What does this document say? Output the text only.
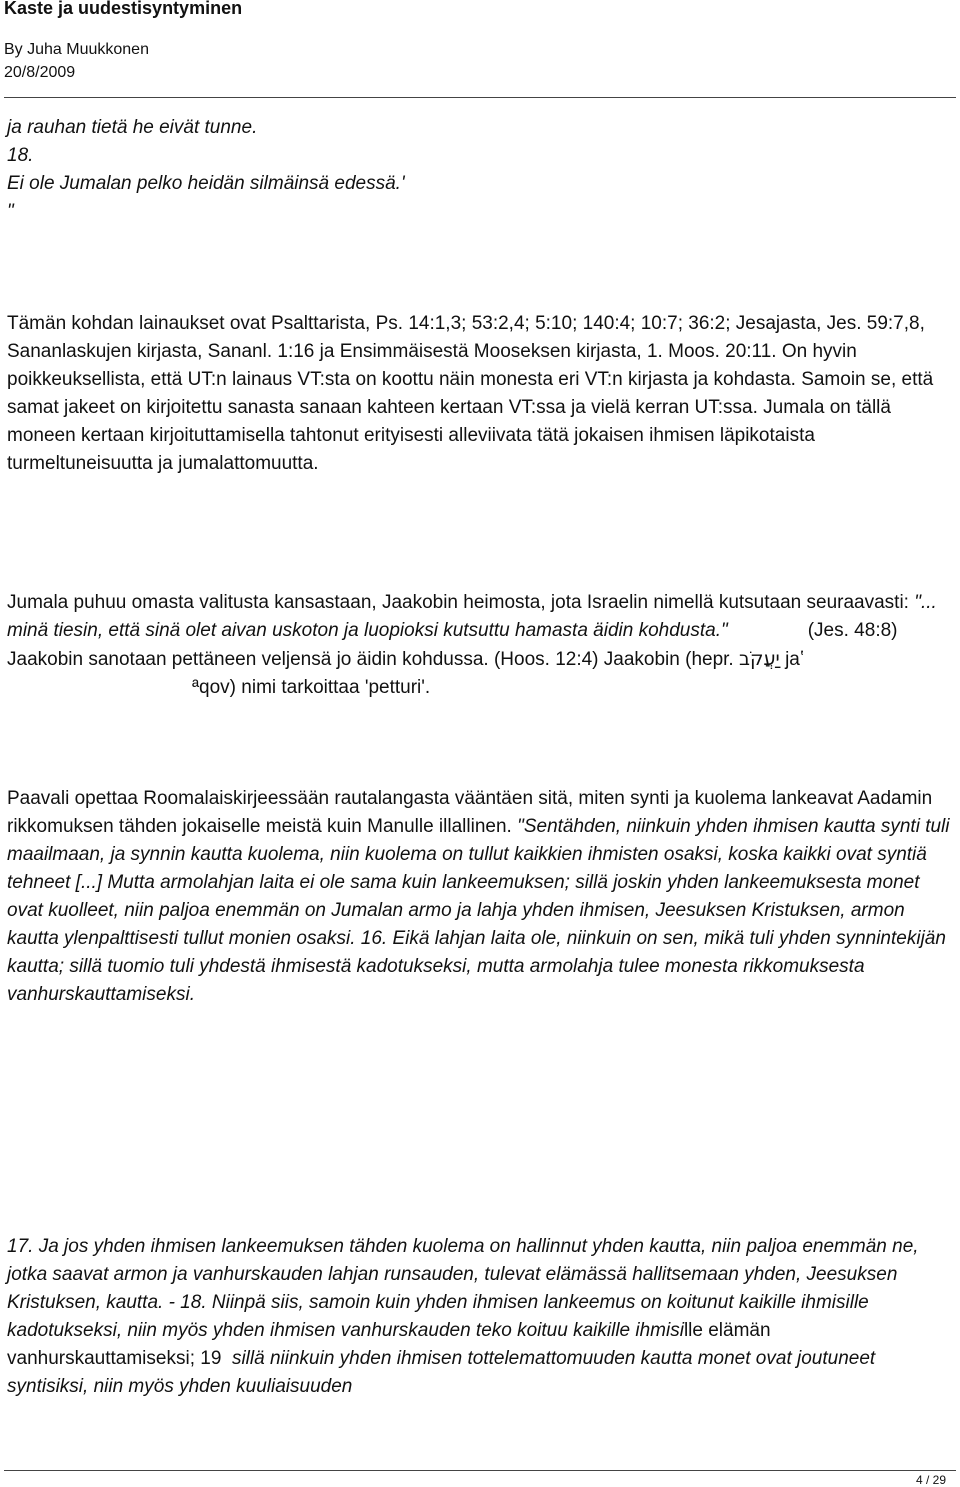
Kaste ja uudestisyntyminen
By Juha Muukkonen
20/8/2009

ja rauhan tietä he eivät tunne.

18.

Ei ole Jumalan pelko heidän silmäinsä edessä.'

"

Tämän kohdan lainaukset ovat Psalttarista, Ps. 14:1,3; 53:2,4; 5:10; 140:4; 10:7; 36:2; Jesajasta, Jes. 59:7,8, Sananlaskujen kirjasta, Sananl. 1:16 ja Ensimmäisestä Mooseksen kirjasta, 1. Moos. 20:11. On hyvin poikkeuksellista, että UT:n lainaus VT:sta on koottu näin monesta eri VT:n kirjasta ja kohdasta. Samoin se, että samat jakeet on kirjoitettu sanasta sanaan kahteen kertaan VT:ssa ja vielä kerran UT:ssa. Jumala on tällä moneen kertaan kirjoituttamisella tahtonut erityisesti alleviivata tätä jokaisen ihmisen läpikotaista turmeltuneisuutta ja jumalattomuutta.

Jumala puhuu omasta valitusta kansastaan, Jaakobin heimosta, jota Israelin nimellä kutsutaan seuraavasti: "... minä tiesin, että sinä olet aivan uskoton ja luopioksi kutsuttu hamasta äidin kohdusta."	(Jes. 48:8) Jaakobin sanotaan pettäneen veljensä jo äidin kohdussa. (Hoos. 12:4) Jaakobin (hepr. יַעֲקֹב jaʽªqov) nimi tarkoittaa 'petturi'.

Paavali opettaa Roomalaiskirjeessään rautalangasta vääntäen sitä, miten synti ja kuolema lankeavat Aadamin rikkomuksen tähden jokaiselle meistä kuin Manulle illallinen. "Sentähden, niinkuin yhden ihmisen kautta synti tuli maailmaan, ja synnin kautta kuolema, niin kuolema on tullut kaikkien ihmisten osaksi, koska kaikki ovat syntiä tehneet [...] Mutta armolahjan laita ei ole sama kuin lankeemuksen; sillä joskin yhden lankeemuksesta monet ovat kuolleet, niin paljoa enemmän on Jumalan armo ja lahja yhden ihmisen, Jeesuksen Kristuksen, armon kautta ylenpalttisesti tullut monien osaksi. 16. Eikä lahjan laita ole, niinkuin on sen, mikä tuli yhden synnintekijän kautta; sillä tuomio tuli yhdestä ihmisestä kadotukseksi, mutta armolahja tulee monesta rikkomuksesta vanhurskauttamiseksi.

17. Ja jos yhden ihmisen lankeemuksen tähden kuolema on hallinnut yhden kautta, niin paljoa enemmän ne, jotka saavat armon ja vanhurskauden lahjan runsauden, tulevat elämässä hallitsemaan yhden, Jeesuksen Kristuksen, kautta. - 18. Niinpä siis, samoin kuin yhden ihmisen lankeemus on koitunut kaikille ihmisille kadotukseksi, niin myös yhden ihmisen vanhurskauden teko koituu kaikille ihmisille elämän vanhurskauttamiseksi; 19 sillä niinkuin yhden ihmisen tottelemattomuuden kautta monet ovat joutuneet syntisiksi, niin myös yhden kuuliaisuuden

4 / 29
